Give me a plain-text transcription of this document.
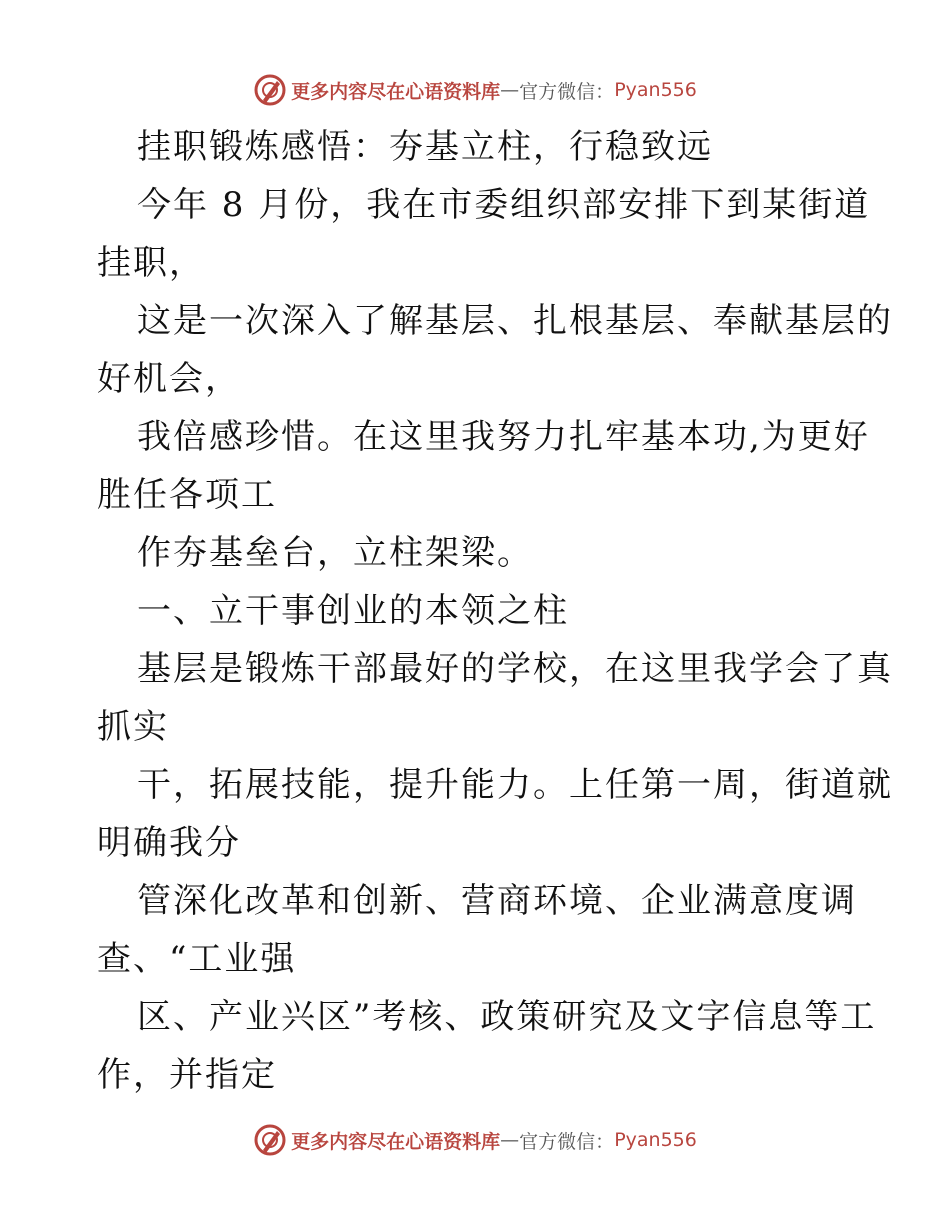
更多内容尽在心语资料库 — 官方微信： Pyan556
挂职锻炼感悟：夯基立柱，行稳致远
今年 8 月份，我在市委组织部安排下到某街道
挂职，
这是一次深入了解基层、扎根基层、奉献基层的
好机会，
我倍感珍惜。在这里我努力扎牢基本功,为更好
胜任各项工
作夯基垒台，立柱架梁。
一、立干事创业的本领之柱
基层是锻炼干部最好的学校，在这里我学会了真
抓实
干，拓展技能，提升能力。上任第一周，街道就
明确我分
管深化改革和创新、营商环境、企业满意度调
查、“工业强
区、产业兴区”考核、政策研究及文字信息等工
作，并指定
更多内容尽在心语资料库 — 官方微信： Pyan556
